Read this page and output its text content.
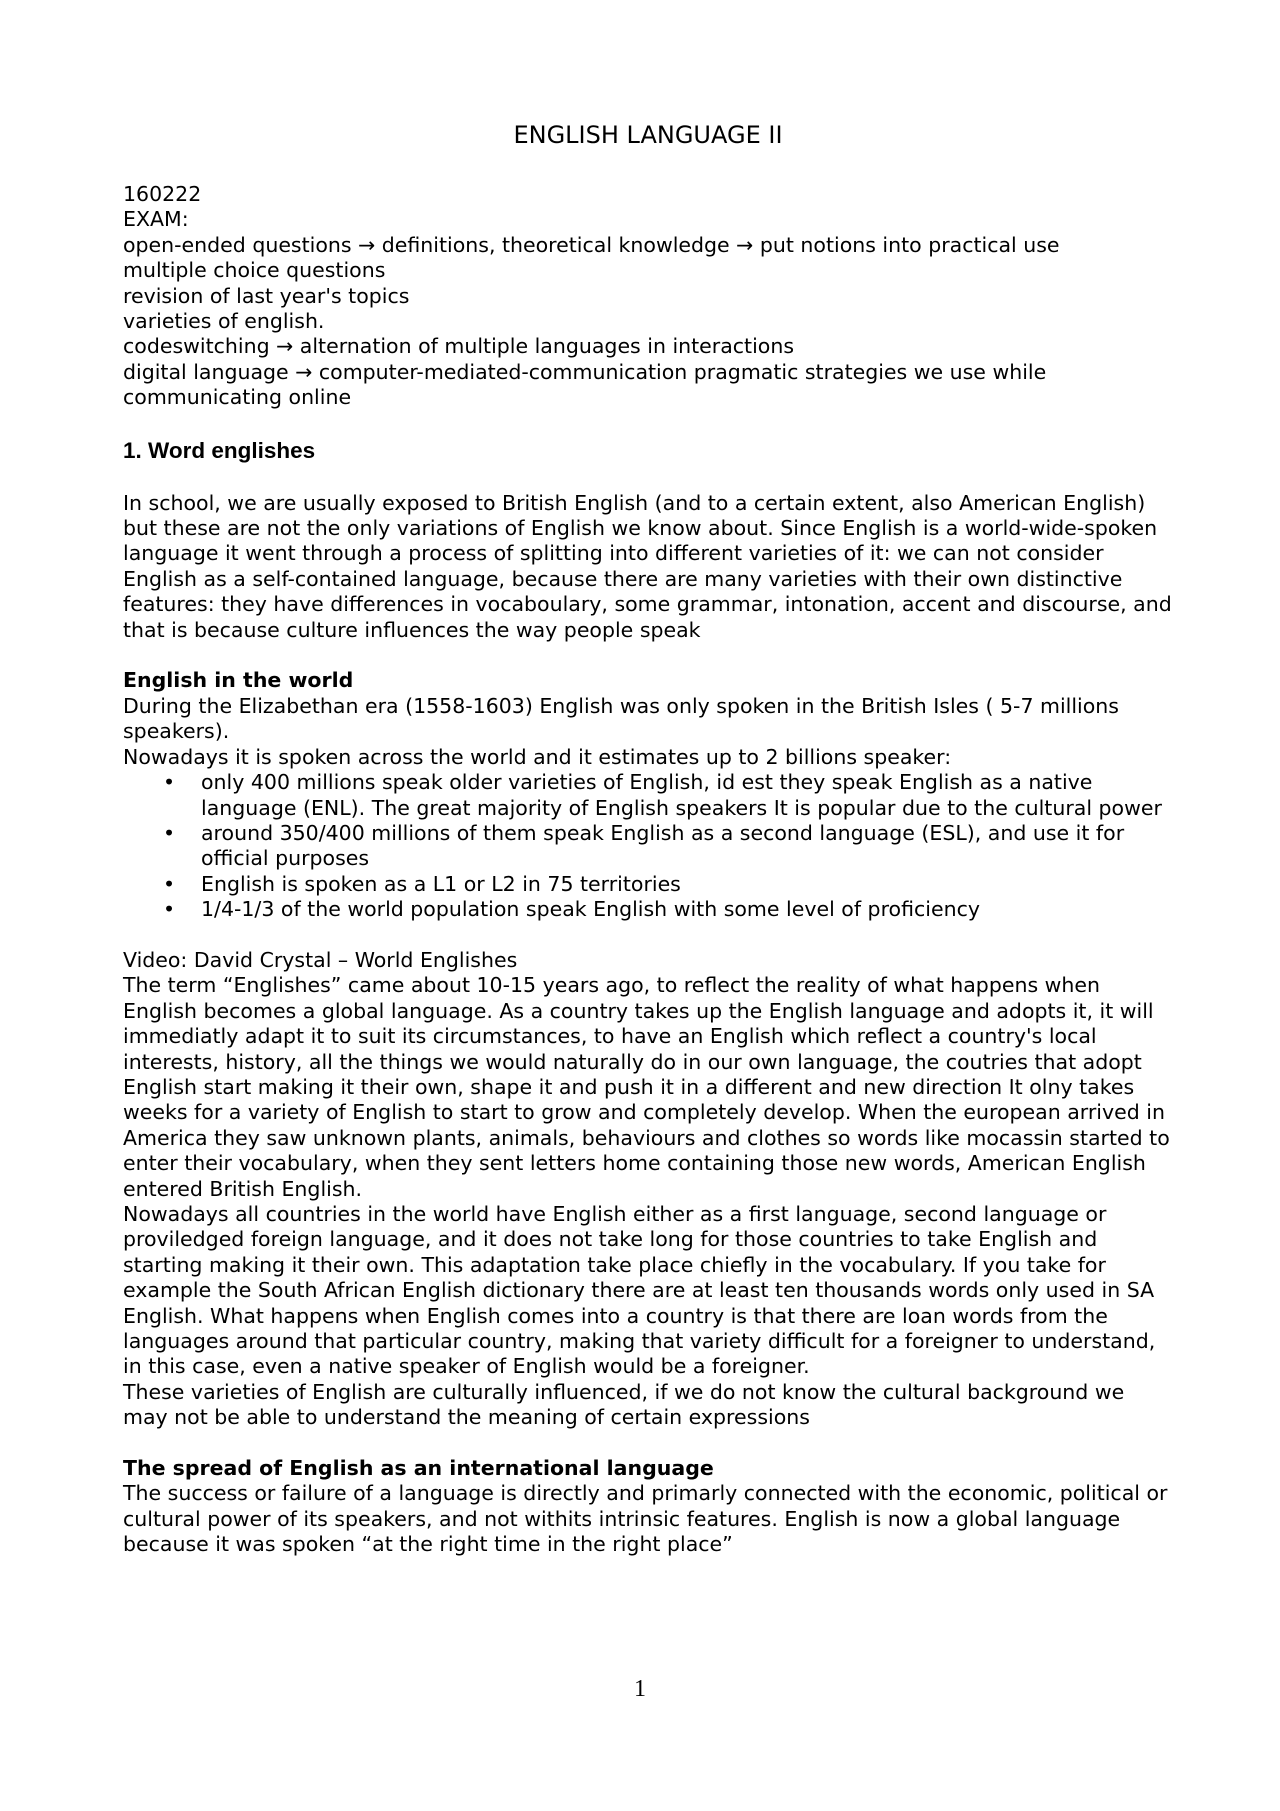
ENGLISH LANGUAGE II

160222

EXAM:

open-ended questions → definitions, theoretical knowledge → put notions into practical use

multiple choice questions

revision of last year's topics

varieties of english.

codeswitching → alternation of multiple languages in interactions

digital language → computer-mediated-communication pragmatic strategies we use while communicating online

1. Word englishes

In school, we are usually exposed to British English (and to a certain extent, also American English) but these are not the only variations of English we know about. Since English is a world-wide-spoken language it went through a process of splitting into different varieties of it: we can not consider English as a self-contained language, because there are many varieties with their own distinctive features: they have differences in vocaboulary, some grammar, intonation, accent and discourse, and that is because culture influences the way people speak

English in the world

During the Elizabethan era (1558-1603) English was only spoken in the British Isles ( 5-7 millions speakers).

Nowadays it is spoken across the world and it estimates up to 2 billions speaker:

• only 400 millions speak older varieties of English, id est they speak English as a native language (ENL). The great majority of English speakers It is popular due to the cultural power
• around 350/400 millions of them speak English as a second language (ESL), and use it for official purposes
• English is spoken as a L1 or L2 in 75 territories
• 1/4-1/3 of the world population speak English with some level of proficiency

Video: David Crystal – World Englishes

The term “Englishes” came about 10-15 years ago, to reflect the reality of what happens when English becomes a global language. As a country takes up the English language and adopts it, it will immediatly adapt it to suit its circumstances, to have an English which reflect a country's local interests, history, all the things we would naturally do in our own language, the coutries that adopt English start making it their own, shape it and push it in a different and new direction It olny takes weeks for a variety of English to start to grow and completely develop. When the european arrived in America they saw unknown plants, animals, behaviours and clothes so words like mocassin started to enter their vocabulary, when they sent letters home containing those new words, American English entered British English.

Nowadays all countries in the world have English either as a first language, second language or proviledged foreign language, and it does not take long for those countries to take English and starting making it their own. This adaptation take place chiefly in the vocabulary. If you take for example the South African English dictionary there are at least ten thousands words only used in SA English. What happens when English comes into a country is that there are loan words from the languages around that particular country, making that variety difficult for a foreigner to understand, in this case, even a native speaker of English would be a foreigner.

These varieties of English are culturally influenced, if we do not know the cultural background we may not be able to understand the meaning of certain expressions

The spread of English as an international language

The success or failure of a language is directly and primarly connected with the economic, political or cultural power of its speakers, and not withits intrinsic features. English is now a global language because it was spoken “at the right time in the right place”

1
